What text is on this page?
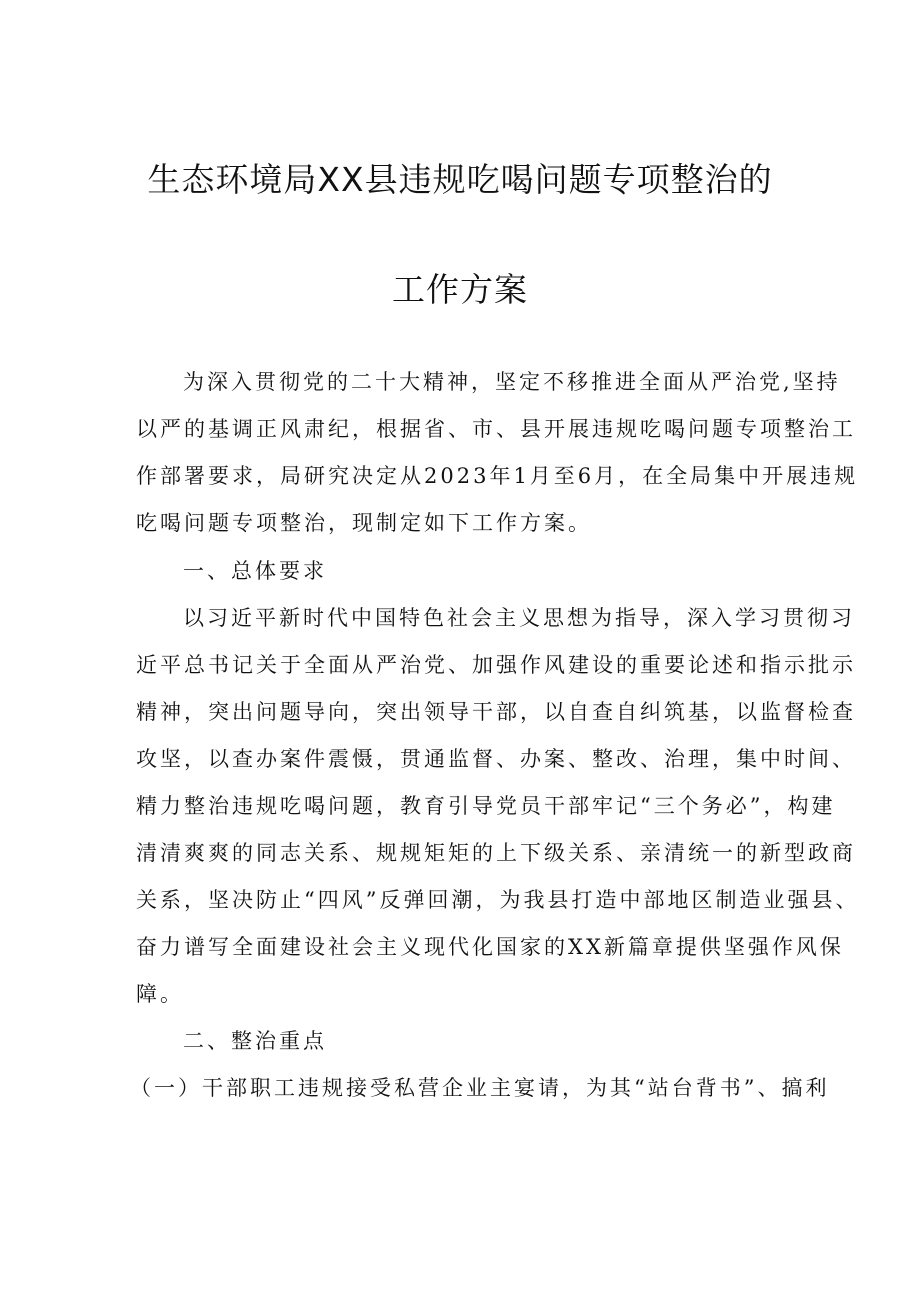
生态环境局XX县违规吃喝问题专项整治的
工作方案
为深入贯彻党的二十大精神，坚定不移推进全面从严治党,坚持
以严的基调正风肃纪，根据省、市、县开展违规吃喝问题专项整治工
作部署要求，局研究决定从2023年1月至6月，在全局集中开展违规
吃喝问题专项整治，现制定如下工作方案。
一、总体要求
以习近平新时代中国特色社会主义思想为指导，深入学习贯彻习
近平总书记关于全面从严治党、加强作风建设的重要论述和指示批示
精神，突出问题导向，突出领导干部，以自查自纠筑基，以监督检查
攻坚，以查办案件震慑，贯通监督、办案、整改、治理，集中时间、
精力整治违规吃喝问题，教育引导党员干部牢记“三个务必”，构建
清清爽爽的同志关系、规规矩矩的上下级关系、亲清统一的新型政商
关系，坚决防止“四风”反弹回潮，为我县打造中部地区制造业强县、
奋力谱写全面建设社会主义现代化国家的XX新篇章提供坚强作风保
障。
二、整治重点
（一）干部职工违规接受私营企业主宴请，为其“站台背书”、搞利
